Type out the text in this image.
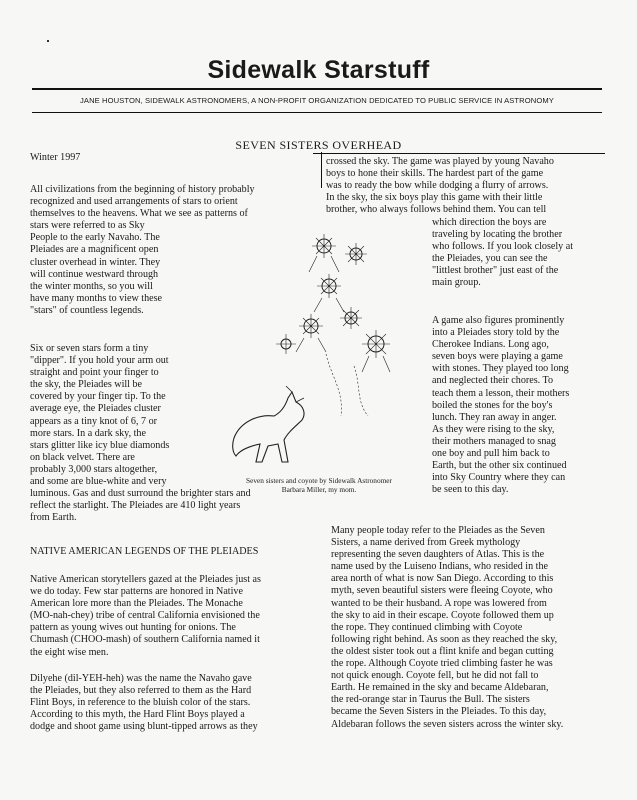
Sidewalk Starstuff
JANE HOUSTON, SIDEWALK ASTRONOMERS, A NON-PROFIT ORGANIZATION DEDICATED TO PUBLIC SERVICE IN ASTRONOMY
SEVEN SISTERS OVERHEAD
Winter 1997
All civilizations from the beginning of history probably
recognized and used arrangements of stars to orient
themselves to the heavens. What we see as patterns of
stars were referred to as Sky
People to the early Navaho. The
Pleiades are a magnificent open
cluster overhead in winter. They
will continue westward through
the winter months, so you will
have many months to view these
"stars" of countless legends.
Six or seven stars form a tiny
"dipper". If you hold your arm out
straight and point your finger to
the sky, the Pleiades will be
covered by your finger tip. To the
average eye, the Pleiades cluster
appears as a tiny knot of 6, 7 or
more stars. In a dark sky, the
stars glitter like icy blue diamonds
on black velvet. There are
probably 3,000 stars altogether,
and some are blue-white and very
luminous. Gas and dust surround the brighter stars and
reflect the starlight. The Pleiades are 410 light years
from Earth.
NATIVE AMERICAN LEGENDS OF THE PLEIADES
Native American storytellers gazed at the Pleiades just as
we do today. Few star patterns are honored in Native
American lore more than the Pleiades. The Monache
(MO-nah-chey) tribe of central California envisioned the
pattern as young wives out hunting for onions. The
Chumash (CHOO-mash) of southern California named it
the eight wise men.
Dilyehe (dil-YEH-heh) was the name the Navaho gave
the Pleiades, but they also referred to them as the Hard
Flint Boys, in reference to the bluish color of the stars.
According to this myth, the Hard Flint Boys played a
dodge and shoot game using blunt-tipped arrows as they
crossed the sky. The game was played by young Navaho
boys to hone their skills. The hardest part of the game
was to ready the bow while dodging a flurry of arrows.
In the sky, the six boys play this game with their little
brother, who always follows behind them. You can tell
which direction the boys are
traveling by locating the brother
who follows. If you look closely at
the Pleiades, you can see the
"littlest brother" just east of the
main group.
A game also figures prominently
into a Pleiades story told by the
Cherokee Indians. Long ago,
seven boys were playing a game
with stones. They played too long
and neglected their chores. To
teach them a lesson, their mothers
boiled the stones for the boy's
lunch. They ran away in anger.
As they were rising to the sky,
their mothers managed to snag
one boy and pull him back to
Earth, but the other six continued
into Sky Country where they can
be seen to this day.
Many people today refer to the Pleiades as the Seven
Sisters, a name derived from Greek mythology
representing the seven daughters of Atlas. This is the
name used by the Luiseno Indians, who resided in the
area north of what is now San Diego. According to this
myth, seven beautiful sisters were fleeing Coyote, who
wanted to be their husband. A rope was lowered from
the sky to aid in their escape. Coyote followed them up
the rope. They continued climbing with Coyote
following right behind. As soon as they reached the sky,
the oldest sister took out a flint knife and began cutting
the rope. Although Coyote tried climbing faster he was
not quick enough. Coyote fell, but he did not fall to
Earth. He remained in the sky and became Aldebaran,
the red-orange star in Taurus the Bull. The sisters
became the Seven Sisters in the Pleiades. To this day,
Aldebaran follows the seven sisters across the winter sky.
Seven sisters and coyote by Sidewalk Astronomer
Barbara Miller, my mom.
